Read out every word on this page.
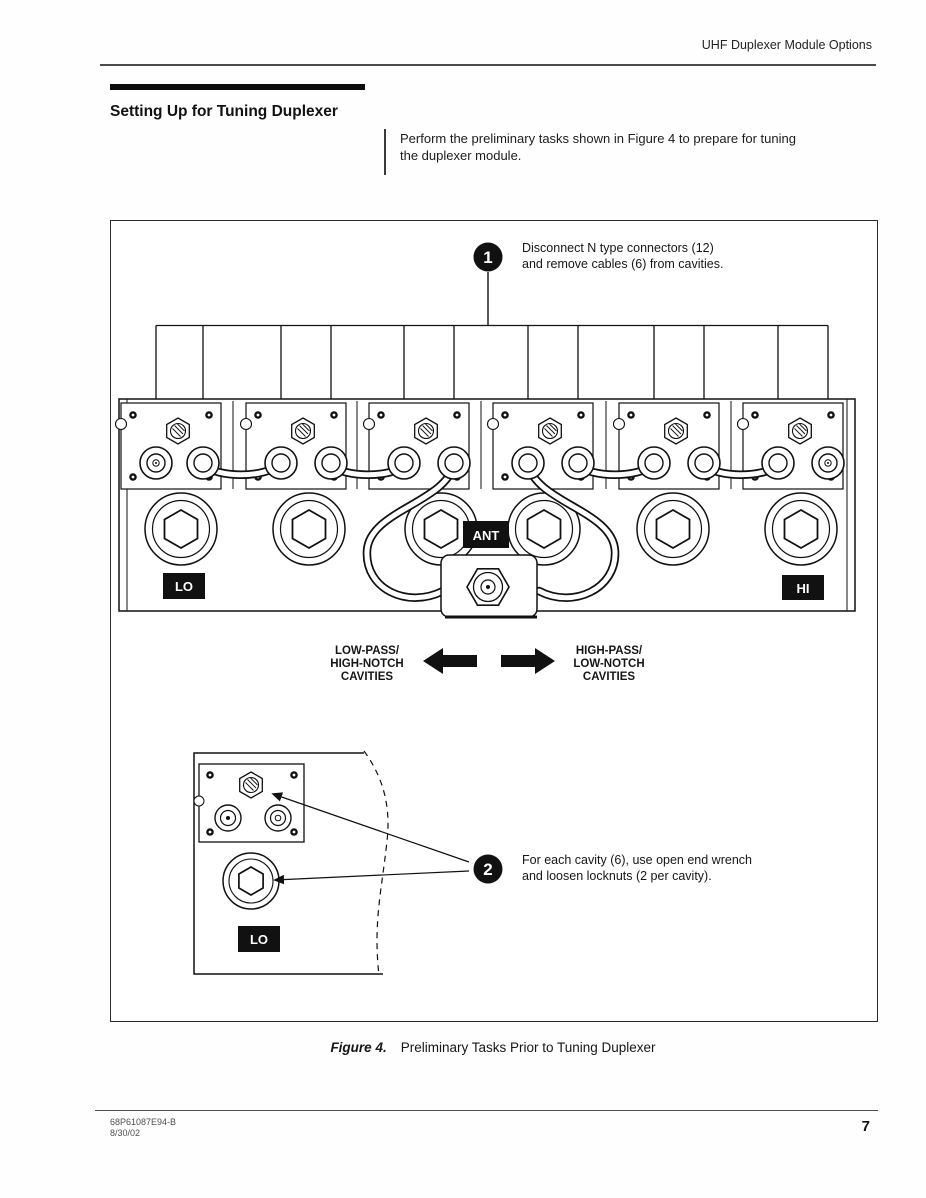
UHF Duplexer Module Options
Setting Up for Tuning Duplexer
Perform the preliminary tasks shown in Figure 4 to prepare for tuning
the duplexer module.
1 Disconnect N type connectors (12)
and remove cables (6) from cavities.
ANT
LO	HI
LOW-PASS/
HIGH-NOTCH
CAVITIES
HIGH-PASS/
LOW-NOTCH
CAVITIES
LO
2 For each cavity (6), use open end wrench
and loosen locknuts (2 per cavity).
Figure 4. Preliminary Tasks Prior to Tuning Duplexer
68P61087E94-B
8/30/02	7
